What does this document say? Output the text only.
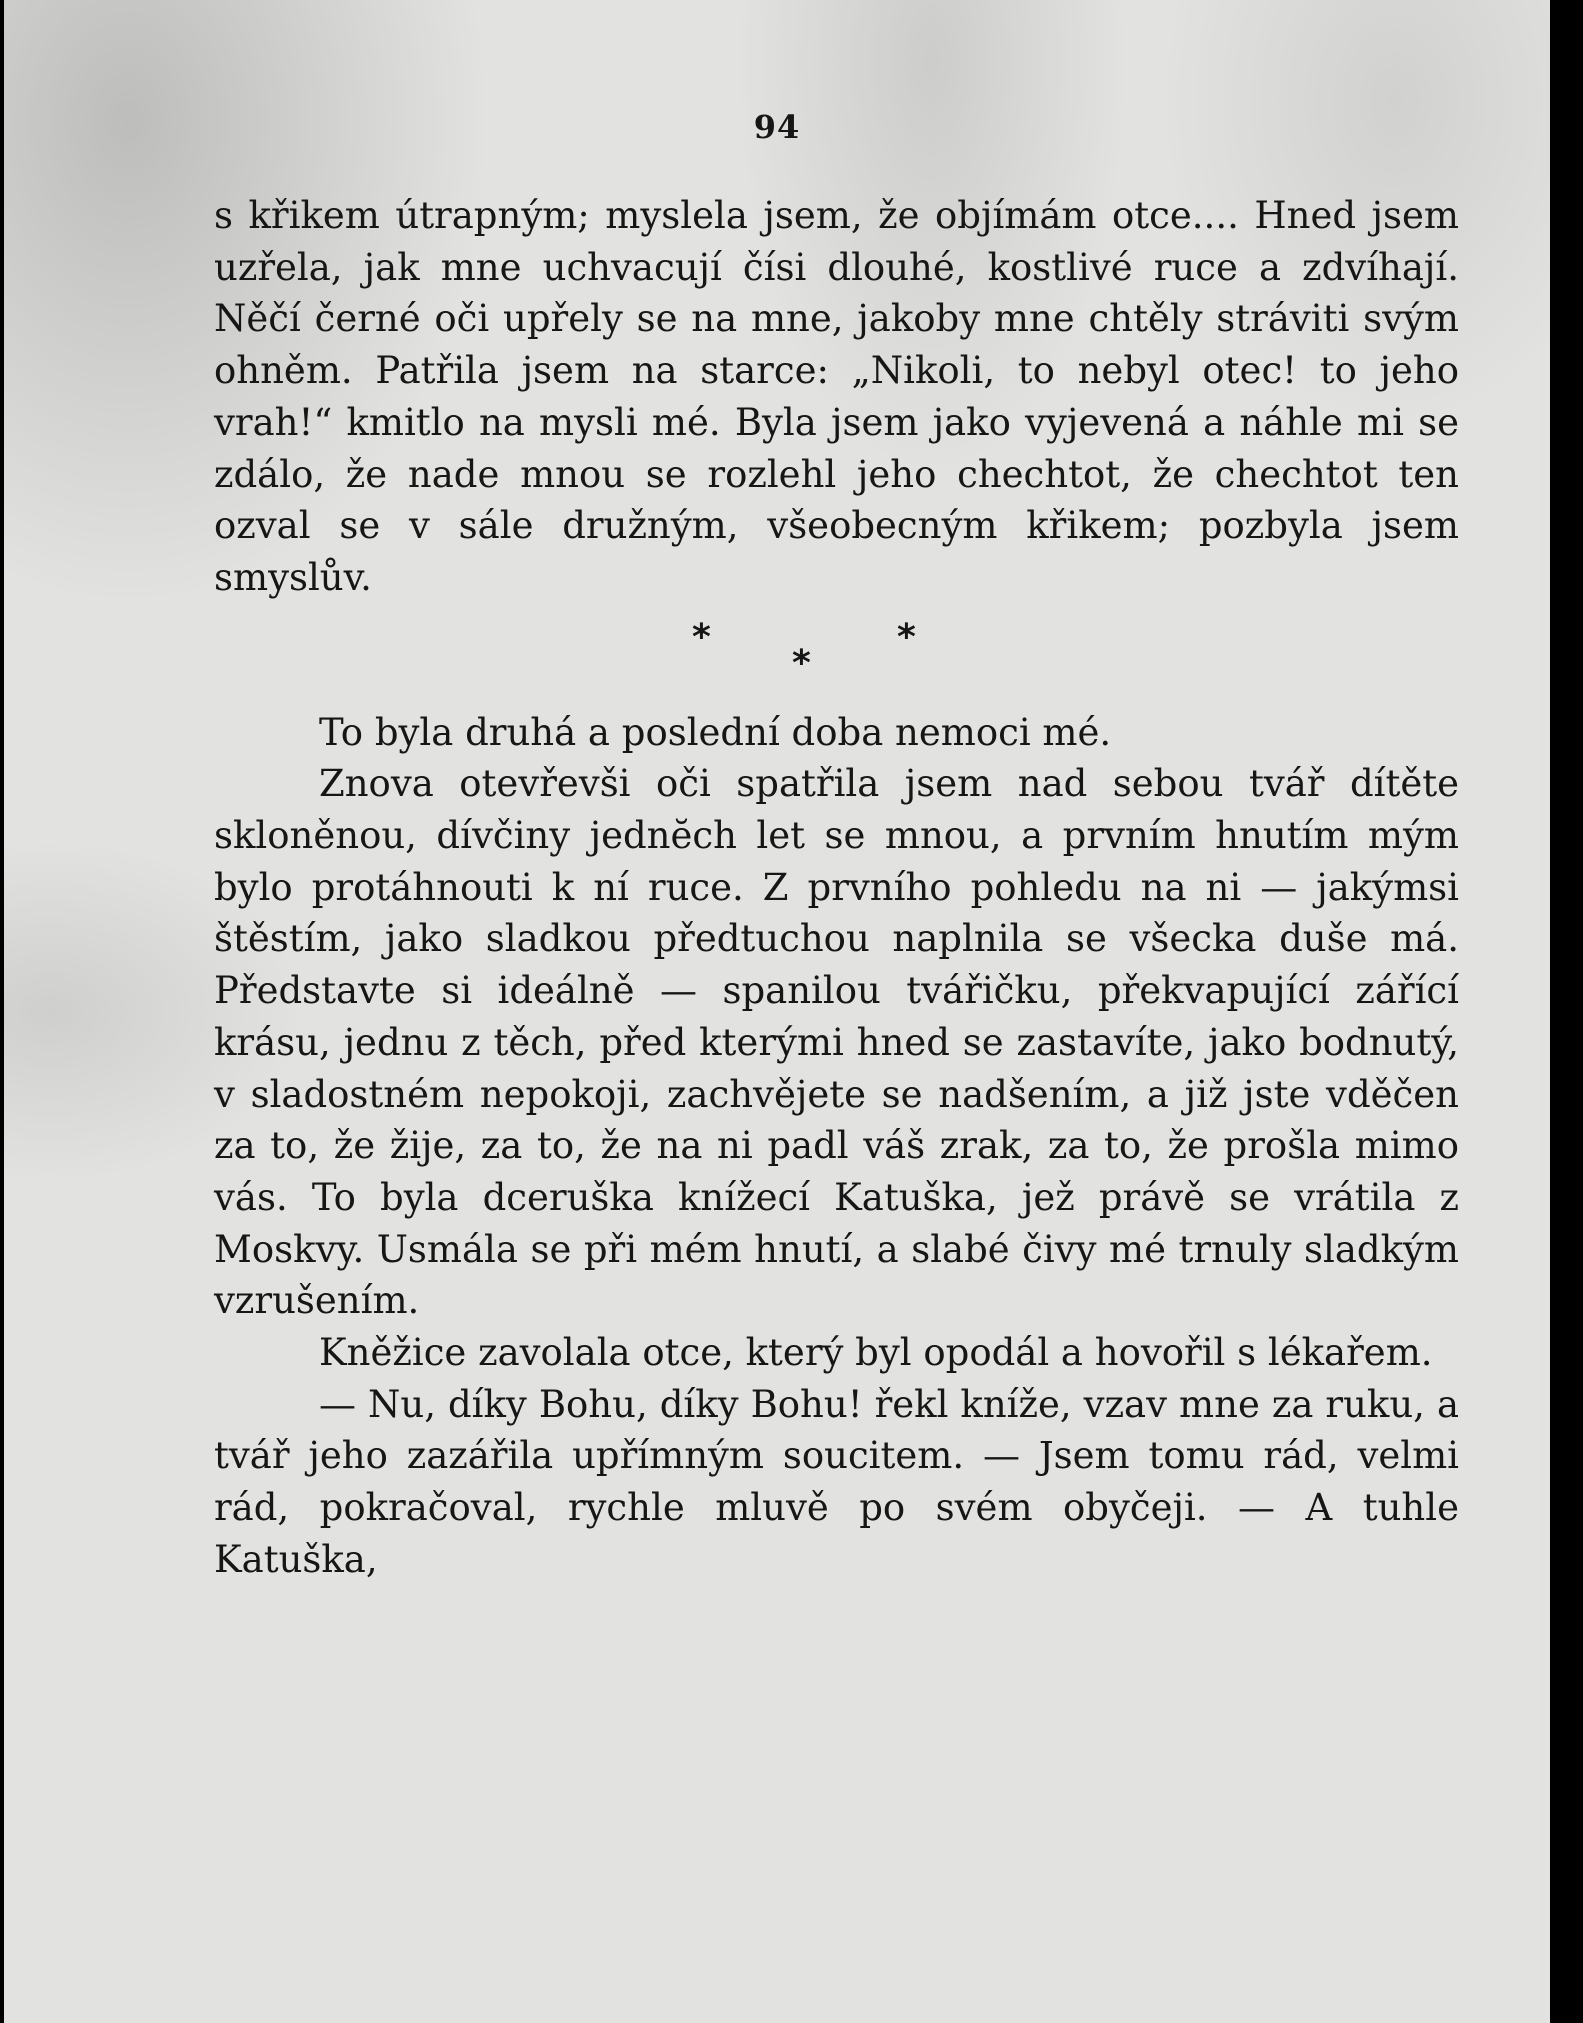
94

s křikem útrapným; myslela jsem, že objímám otce.... Hned jsem uzřela, jak mne uchvacují čísi dlouhé, kostlivé ruce a zdvíhají. Něčí černé oči upřely se na mne, jakoby mne chtěly stráviti svým ohněm. Patřila jsem na starce: „Nikoli, to nebyl otec! to jeho vrah!“ kmitlo na mysli mé. Byla jsem jako vyjevená a náhle mi se zdálo, že nade mnou se rozlehl jeho chechtot, že chechtot ten ozval se v sále družným, všeobecným křikem; pozbyla jsem smyslův.

*
*
*

To byla druhá a poslední doba nemoci mé.

Znova otevřevši oči spatřila jsem nad sebou tvář dítěte skloněnou, dívčiny jednĕch let se mnou, a prvním hnutím mým bylo protáhnouti k ní ruce. Z prvního pohledu na ni — jakýmsi štěstím, jako sladkou předtuchou naplnila se všecka duše má. Představte si ideálně — spanilou tvářičku, překvapující zářící krásu, jednu z těch, před kterými hned se zastavíte, jako bodnutý, v sladostném nepokoji, zachvějete se nadšením, a již jste vděčen za to, že žije, za to, že na ni padl váš zrak, za to, že prošla mimo vás. To byla dceruška knížecí Katuška, jež právě se vrátila z Moskvy. Usmála se při mém hnutí, a slabé čivy mé trnuly sladkým vzrušením.

Kněžice zavolala otce, který byl opodál a hovořil s lékařem.

— Nu, díky Bohu, díky Bohu! řekl kníže, vzav mne za ruku, a tvář jeho zazářila upřímným soucitem. — Jsem tomu rád, velmi rád, pokračoval, rychle mluvě po svém obyčeji. — A tuhle Katuška,
